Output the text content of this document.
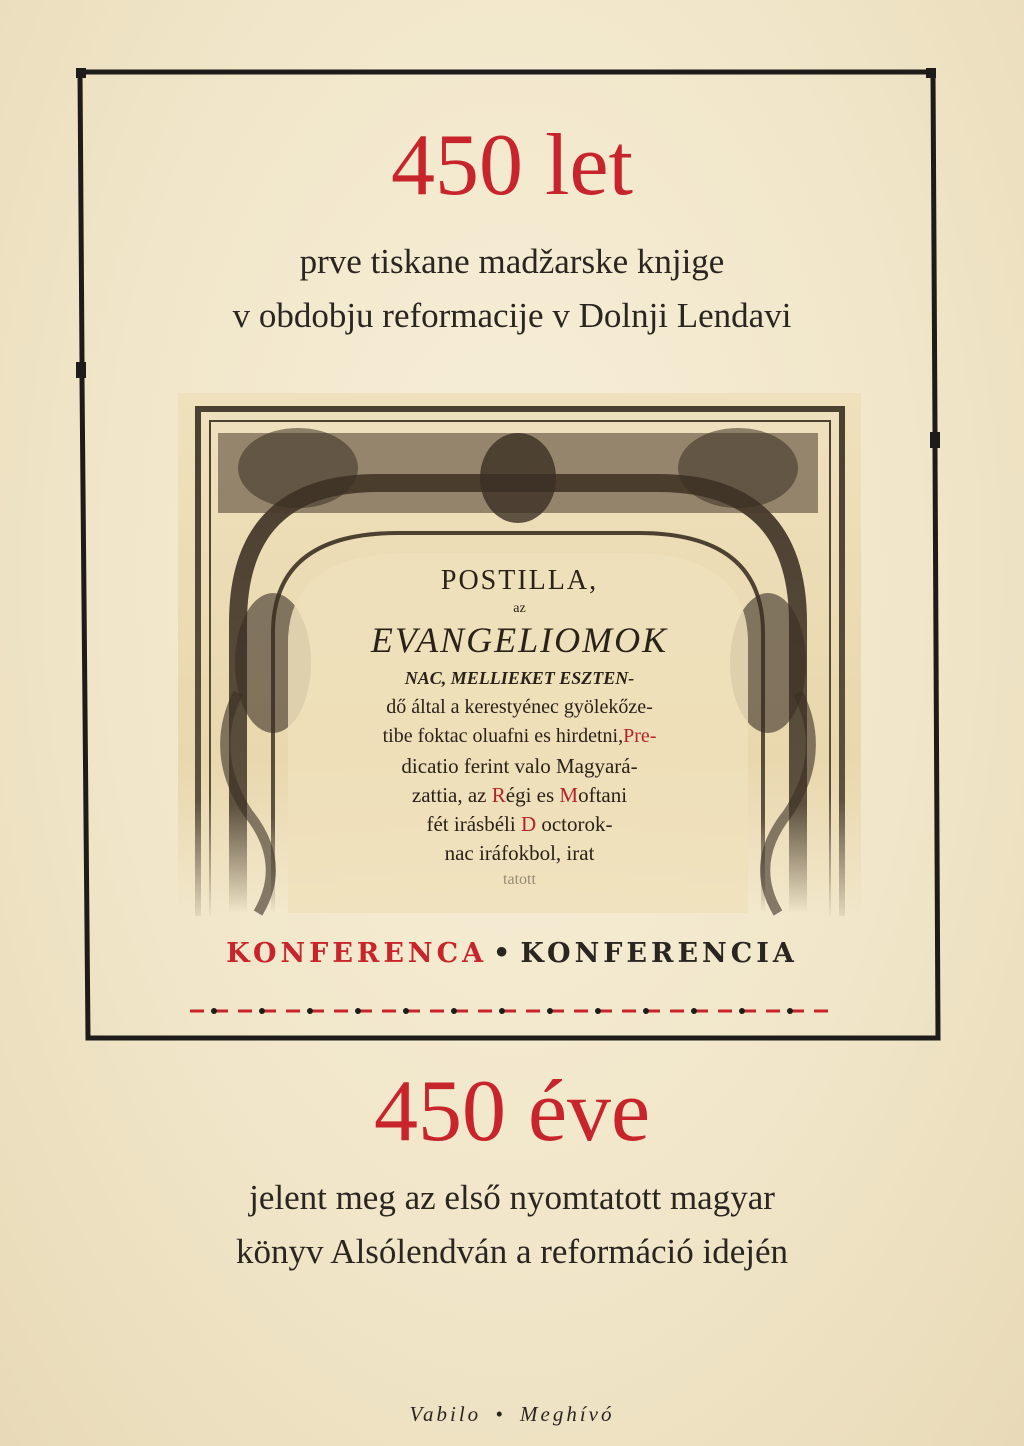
450 let
prve tiskane madžarske knjige
v obdobju reformacije v Dolnji Lendavi
POSTILLA,
az
EVANGELIOMOK
NAC, MELLIEKET ESZTEN-
dő által a kerestyénec gyölekőze-
tibe foktac oluafni es hirdetni,Pre-
dicatio ferint valo Magyará-
zattia, az Régi es Moftani
fét irásbéli D octorok-
nac iráfokbol, irat
tatott
KONFERENCA • KONFERENCIA
450 éve
jelent meg az első nyomtatott magyar
könyv Alsólendván a reformáció idején
Vabilo • Meghívó
